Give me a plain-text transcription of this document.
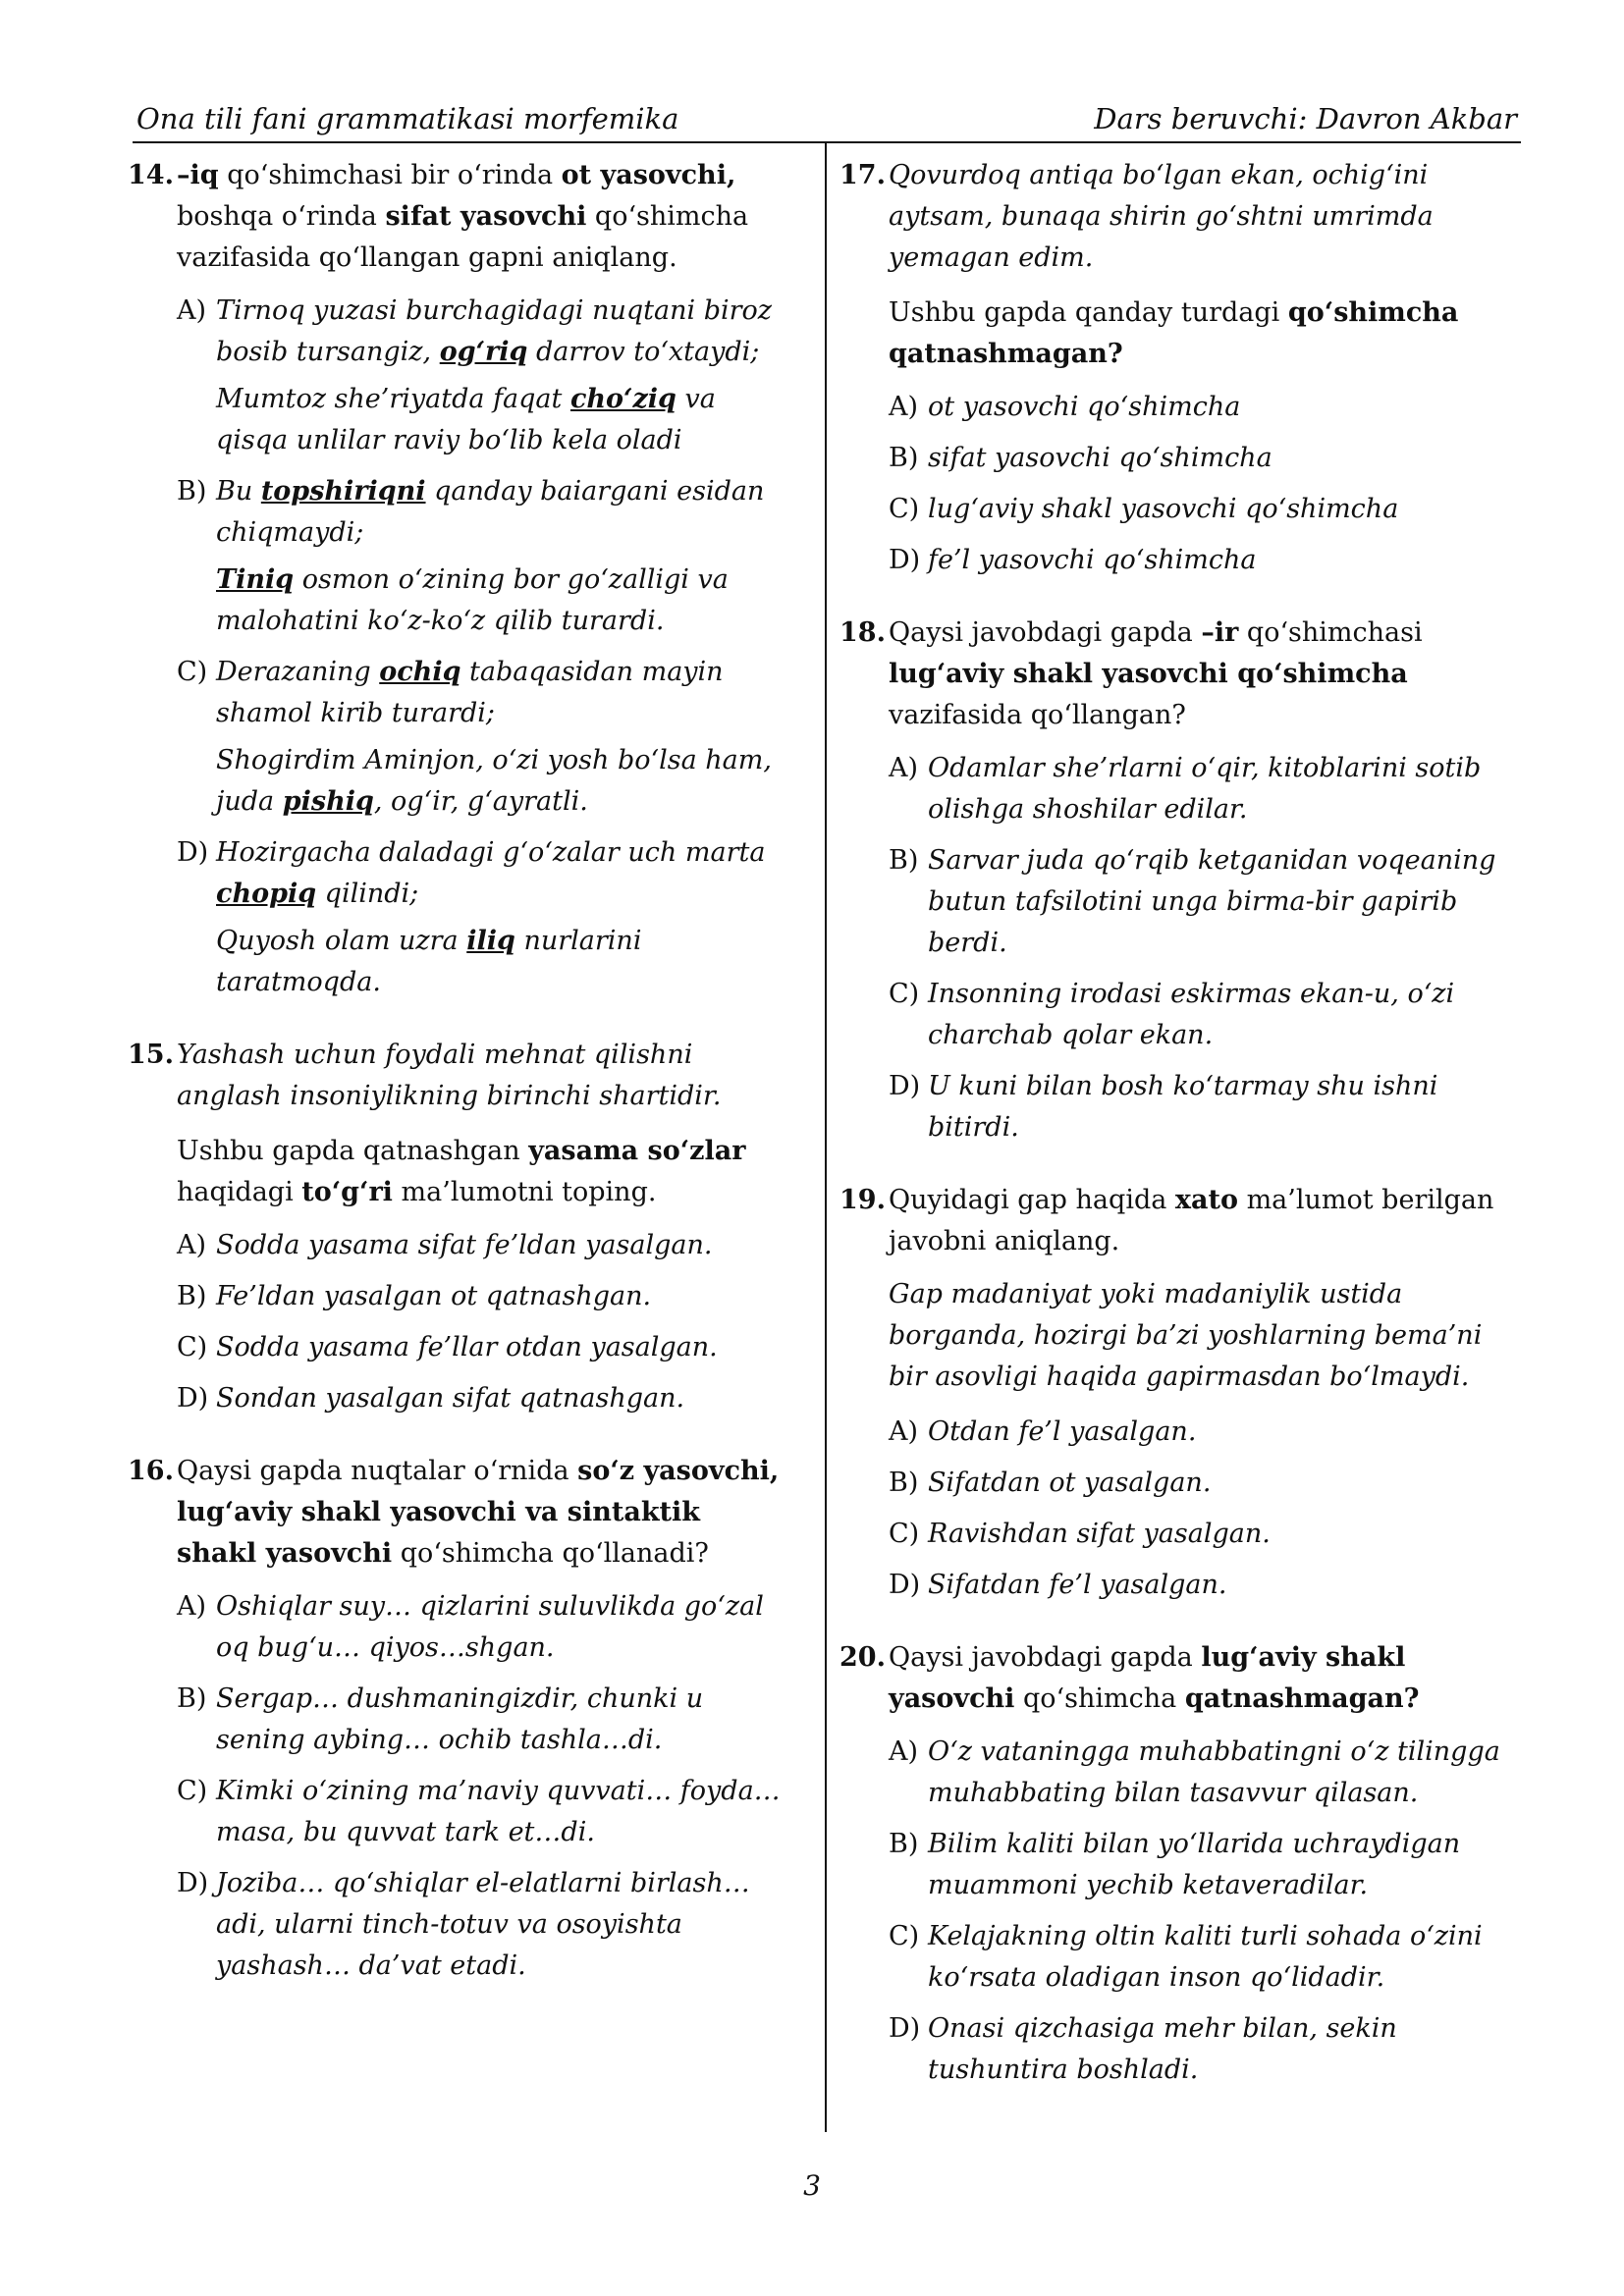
Ona tili fani grammatikasi morfemika	Dars beruvchi: Davron Akbar
14. –iq qo‘shimchasi bir o‘rinda ot yasovchi, boshqa o‘rinda sifat yasovchi qo‘shimcha vazifasida qo‘llangan gapni aniqlang.
A) Tirnoq yuzasi burchagidagi nuqtani biroz bosib tursangiz, og‘riq darrov to‘xtaydi;
Mumtoz she’riyatda faqat cho‘ziq va qisqa unlilar raviy bo‘lib kela oladi
B) Bu topshiriqni qanday baiargani esidan chiqmaydi;
Tiniq osmon o‘zining bor go‘zalligi va malohatini ko‘z-ko‘z qilib turardi.
C) Derazaning ochiq tabaqasidan mayin shamol kirib turardi;
Shogirdim Aminjon, o‘zi yosh bo‘lsa ham, juda pishiq, og‘ir, g‘ayratli.
D) Hozirgacha daladagi g‘o‘zalar uch marta chopiq qilindi;
Quyosh olam uzra iliq nurlarini taratmoqda.
15. Yashash uchun foydali mehnat qilishni anglash insoniylikning birinchi shartidir.
Ushbu gapda qatnashgan yasama so‘zlar haqidagi to‘g‘ri ma’lumotni toping.
A) Sodda yasama sifat fe’ldan yasalgan.
B) Fe’ldan yasalgan ot qatnashgan.
C) Sodda yasama fe’llar otdan yasalgan.
D) Sondan yasalgan sifat qatnashgan.
16. Qaysi gapda nuqtalar o‘rnida so‘z yasovchi, lug‘aviy shakl yasovchi va sintaktik shakl yasovchi qo‘shimcha qo‘llanadi?
A) Oshiqlar suy… qizlarini suluvlikda go‘zal oq bug‘u… qiyos…shgan.
B) Sergap… dushmaningizdir, chunki u sening aybing… ochib tashla…di.
C) Kimki o‘zining ma’naviy quvvati… foyda…masa, bu quvvat tark et…di.
D) Joziba… qo‘shiqlar el-elatlarni birlash…adi, ularni tinch-totuv va osoyishta yashash… da’vat etadi.
17. Qovurdoq antiqa bo‘lgan ekan, ochig‘ini aytsam, bunaqa shirin go‘shtni umrimda yemagan edim.
Ushbu gapda qanday turdagi qo‘shimcha qatnashmagan?
A) ot yasovchi qo‘shimcha
B) sifat yasovchi qo‘shimcha
C) lug‘aviy shakl yasovchi qo‘shimcha
D) fe’l yasovchi qo‘shimcha
18. Qaysi javobdagi gapda –ir qo‘shimchasi lug‘aviy shakl yasovchi qo‘shimcha vazifasida qo‘llangan?
A) Odamlar she’rlarni o‘qir, kitoblarini sotib olishga shoshilar edilar.
B) Sarvar juda qo‘rqib ketganidan voqeaning butun tafsilotini unga birma-bir gapirib berdi.
C) Insonning irodasi eskirmas ekan-u, o‘zi charchab qolar ekan.
D) U kuni bilan bosh ko‘tarmay shu ishni bitirdi.
19. Quyidagi gap haqida xato ma’lumot berilgan javobni aniqlang.
Gap madaniyat yoki madaniylik ustida borganda, hozirgi ba’zi yoshlarning bema’ni bir asovligi haqida gapirmasdan bo‘lmaydi.
A) Otdan fe’l yasalgan.
B) Sifatdan ot yasalgan.
C) Ravishdan sifat yasalgan.
D) Sifatdan fe’l yasalgan.
20. Qaysi javobdagi gapda lug‘aviy shakl yasovchi qo‘shimcha qatnashmagan?
A) O‘z vataningga muhabbatingni o‘z tilingga muhabbating bilan tasavvur qilasan.
B) Bilim kaliti bilan yo‘llarida uchraydigan muammoni yechib ketaveradilar.
C) Kelajakning oltin kaliti turli sohada o‘zini ko‘rsata oladigan inson qo‘lidadir.
D) Onasi qizchasiga mehr bilan, sekin tushuntira boshladi.
3
